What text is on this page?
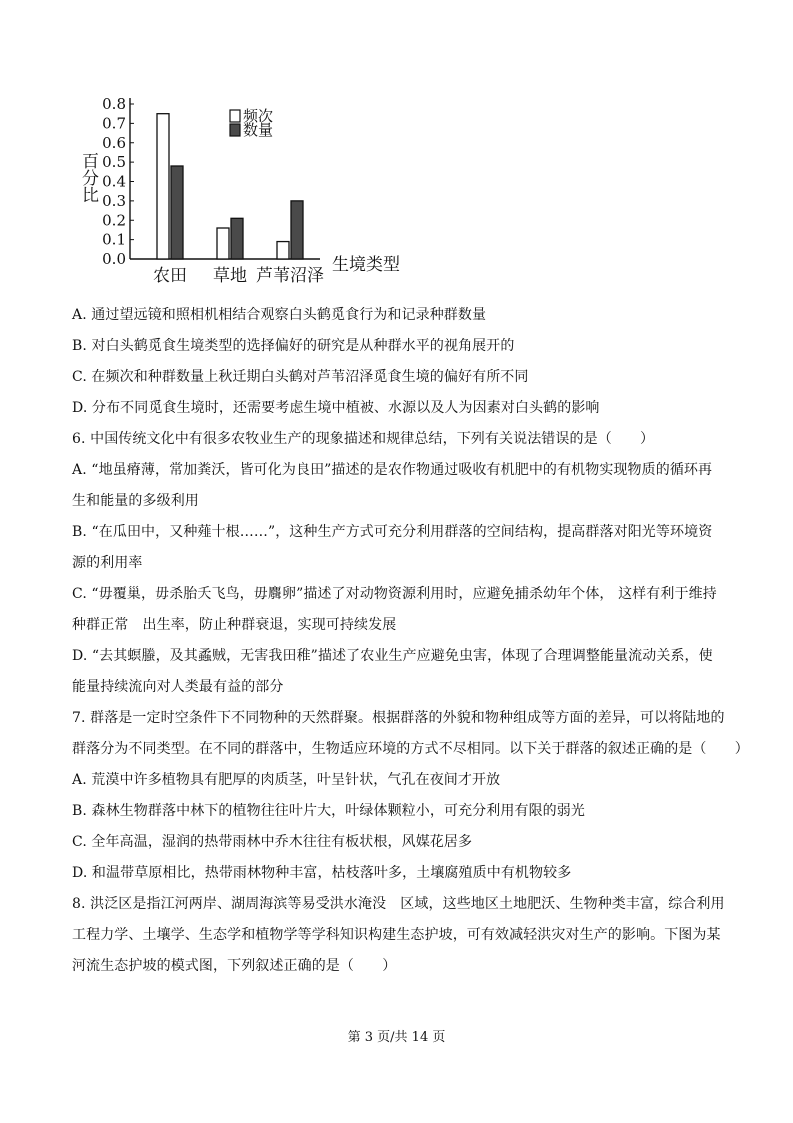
0.8
0.7
0.6
0.5
0.4
0.3
0.2
0.1
0.0
百分比
农田 草地 芦苇沼泽
生境类型
频次
数量
A. 通过望远镜和照相机相结合观察白头鹤觅食行为和记录种群数量
B. 对白头鹤觅食生境类型的选择偏好的研究是从种群水平的视角展开的
C. 在频次和种群数量上秋迁期白头鹤对芦苇沼泽觅食生境的偏好有所不同
D. 分布不同觅食生境时，还需要考虑生境中植被、水源以及人为因素对白头鹤的影响
6. 中国传统文化中有很多农牧业生产的现象描述和规律总结，下列有关说法错误的是（　　）
A. “地虽瘠薄，常加粪沃，皆可化为良田”描述的是农作物通过吸收有机肥中的有机物实现物质的循环再
生和能量的多级利用
B. “在瓜田中，又种薤十根……”，这种生产方式可充分利用群落的空间结构，提高群落对阳光等环境资
源的利用率
C. “毋覆巢，毋杀胎夭飞鸟，毋麛卵”描述了对动物资源利用时，应避免捕杀幼年个体， 这样有利于维持
种群正常　出生率，防止种群衰退，实现可持续发展
D. “去其螟螣，及其蟊贼，无害我田稚”描述了农业生产应避免虫害，体现了合理调整能量流动关系，使
能量持续流向对人类最有益的部分
7. 群落是一定时空条件下不同物种的天然群聚。根据群落的外貌和物种组成等方面的差异，可以将陆地的
群落分为不同类型。在不同的群落中，生物适应环境的方式不尽相同。以下关于群落的叙述正确的是（　　）
A. 荒漠中许多植物具有肥厚的肉质茎，叶呈针状，气孔在夜间才开放
B. 森林生物群落中林下的植物往往叶片大，叶绿体颗粒小，可充分利用有限的弱光
C. 全年高温，湿润的热带雨林中乔木往往有板状根，风媒花居多
D. 和温带草原相比，热带雨林物种丰富，枯枝落叶多，土壤腐殖质中有机物较多
8. 洪泛区是指江河两岸、湖周海滨等易受洪水淹没　区域，这些地区土地肥沃、生物种类丰富，综合利用
工程力学、土壤学、生态学和植物学等学科知识构建生态护坡，可有效减轻洪灾对生产的影响。下图为某
河流生态护坡的模式图，下列叙述正确的是（　　）
第 3 页/共 14 页
